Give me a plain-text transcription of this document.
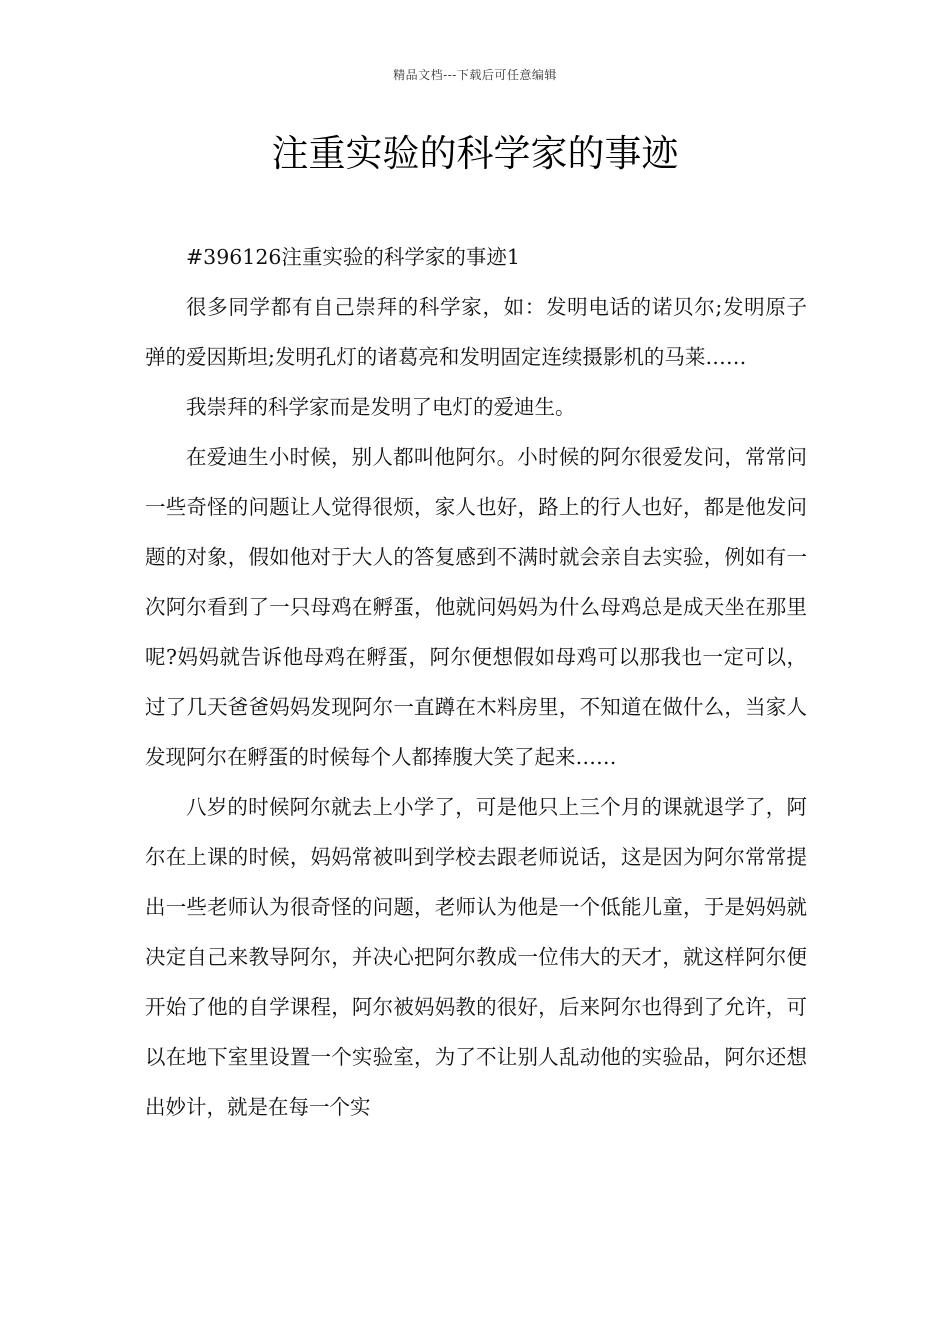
精品文档---下载后可任意编辑
注重实验的科学家的事迹

#396126注重实验的科学家的事迹1

很多同学都有自己崇拜的科学家，如：发明电话的诺贝尔;发明原子弹的爱因斯坦;发明孔灯的诸葛亮和发明固定连续摄影机的马莱……

我崇拜的科学家而是发明了电灯的爱迪生。

在爱迪生小时候，别人都叫他阿尔。小时候的阿尔很爱发问，常常问一些奇怪的问题让人觉得很烦，家人也好，路上的行人也好，都是他发问题的对象，假如他对于大人的答复感到不满时就会亲自去实验，例如有一次阿尔看到了一只母鸡在孵蛋，他就问妈妈为什么母鸡总是成天坐在那里呢?妈妈就告诉他母鸡在孵蛋，阿尔便想假如母鸡可以那我也一定可以，过了几天爸爸妈妈发现阿尔一直蹲在木料房里，不知道在做什么，当家人发现阿尔在孵蛋的时候每个人都捧腹大笑了起来……

八岁的时候阿尔就去上小学了，可是他只上三个月的课就退学了，阿尔在上课的时候，妈妈常被叫到学校去跟老师说话，这是因为阿尔常常提出一些老师认为很奇怪的问题，老师认为他是一个低能儿童，于是妈妈就决定自己来教导阿尔，并决心把阿尔教成一位伟大的天才，就这样阿尔便开始了他的自学课程，阿尔被妈妈教的很好，后来阿尔也得到了允许，可以在地下室里设置一个实验室，为了不让别人乱动他的实验品，阿尔还想出妙计，就是在每一个实
